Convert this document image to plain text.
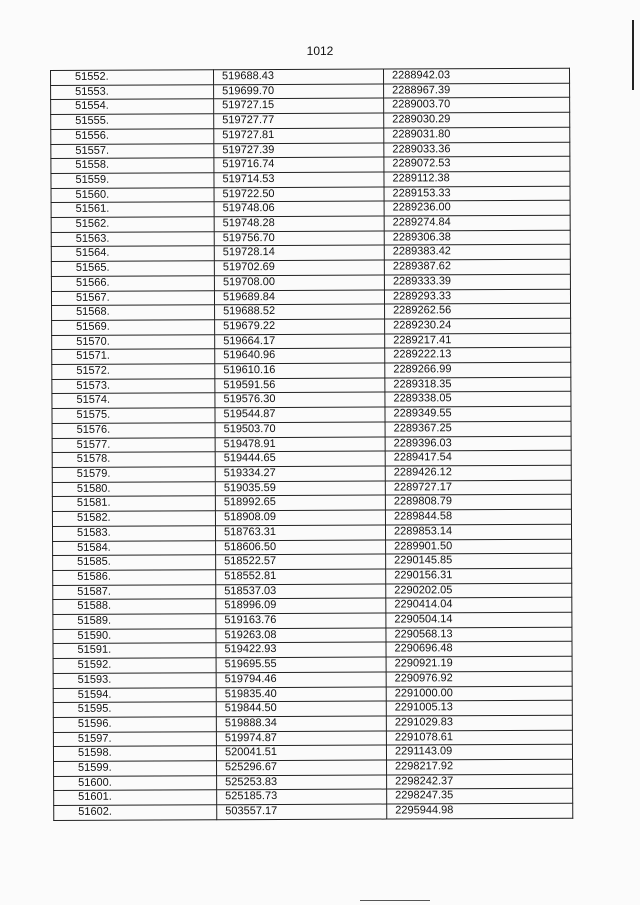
1012
51552.	519688.43	2288942.03
51553.	519699.70	2288967.39
51554.	519727.15	2289003.70
51555.	519727.77	2289030.29
51556.	519727.81	2289031.80
51557.	519727.39	2289033.36
51558.	519716.74	2289072.53
51559.	519714.53	2289112.38
51560.	519722.50	2289153.33
51561.	519748.06	2289236.00
51562.	519748.28	2289274.84
51563.	519756.70	2289306.38
51564.	519728.14	2289383.42
51565.	519702.69	2289387.62
51566.	519708.00	2289333.39
51567.	519689.84	2289293.33
51568.	519688.52	2289262.56
51569.	519679.22	2289230.24
51570.	519664.17	2289217.41
51571.	519640.96	2289222.13
51572.	519610.16	2289266.99
51573.	519591.56	2289318.35
51574.	519576.30	2289338.05
51575.	519544.87	2289349.55
51576.	519503.70	2289367.25
51577.	519478.91	2289396.03
51578.	519444.65	2289417.54
51579.	519334.27	2289426.12
51580.	519035.59	2289727.17
51581.	518992.65	2289808.79
51582.	518908.09	2289844.58
51583.	518763.31	2289853.14
51584.	518606.50	2289901.50
51585.	518522.57	2290145.85
51586.	518552.81	2290156.31
51587.	518537.03	2290202.05
51588.	518996.09	2290414.04
51589.	519163.76	2290504.14
51590.	519263.08	2290568.13
51591.	519422.93	2290696.48
51592.	519695.55	2290921.19
51593.	519794.46	2290976.92
51594.	519835.40	2291000.00
51595.	519844.50	2291005.13
51596.	519888.34	2291029.83
51597.	519974.87	2291078.61
51598.	520041.51	2291143.09
51599.	525296.67	2298217.92
51600.	525253.83	2298242.37
51601.	525185.73	2298247.35
51602.	503557.17	2295944.98
